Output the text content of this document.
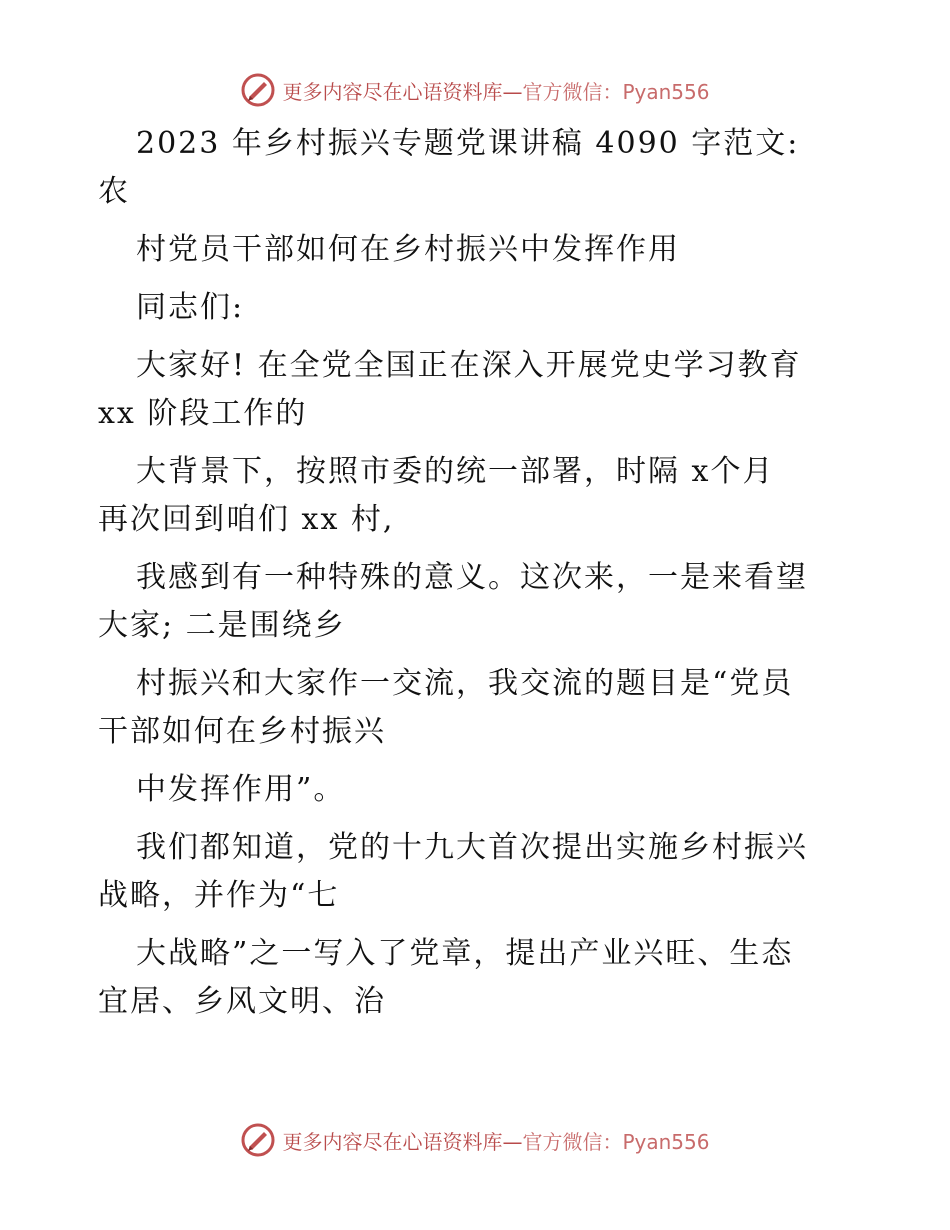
更多内容尽在心语资料库—官方微信：Pyan556
2023 年乡村振兴专题党课讲稿 4090 字范文:
农
村党员干部如何在乡村振兴中发挥作用
同志们:
大家好! 在全党全国正在深入开展党史学习教育
xx 阶段工作的
大背景下，按照市委的统一部署，时隔 x个月
再次回到咱们 xx 村,
我感到有一种特殊的意义。这次来，一是来看望
大家; 二是围绕乡
村振兴和大家作一交流，我交流的题目是“党员
干部如何在乡村振兴
中发挥作用”。
我们都知道，党的十九大首次提出实施乡村振兴
战略，并作为“七
大战略”之一写入了党章，提出产业兴旺、生态
宜居、乡风文明、治
更多内容尽在心语资料库—官方微信：Pyan556
